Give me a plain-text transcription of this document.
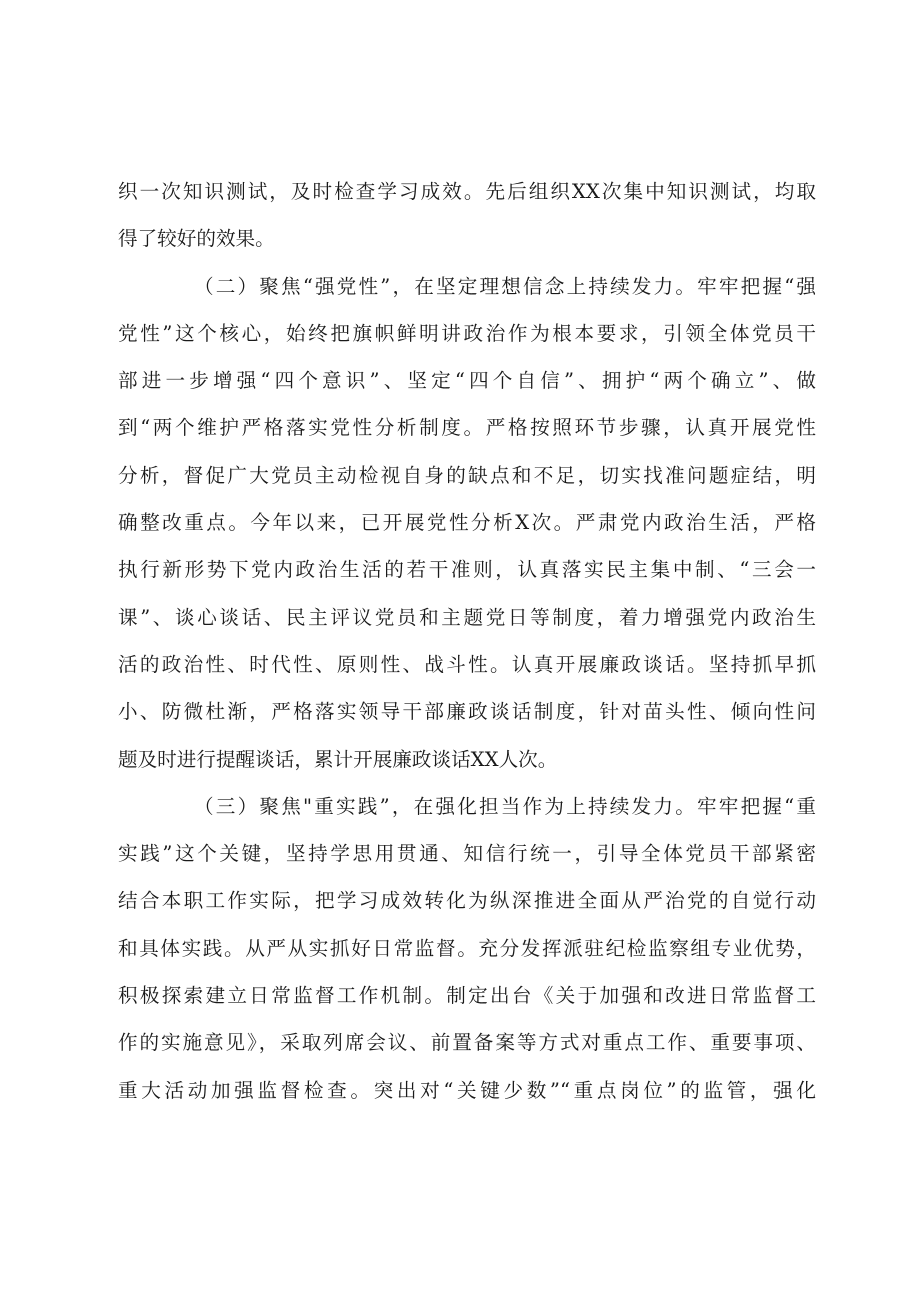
织一次知识测试，及时检查学习成效。先后组织XX次集中知识测试，均取
得了较好的效果。
（二）聚焦“强党性”，在坚定理想信念上持续发力。牢牢把握“强
党性”这个核心，始终把旗帜鲜明讲政治作为根本要求，引领全体党员干
部进一步增强“四个意识”、坚定“四个自信”、拥护“两个确立”、做
到“两个维护严格落实党性分析制度。严格按照环节步骤，认真开展党性
分析，督促广大党员主动检视自身的缺点和不足，切实找准问题症结，明
确整改重点。今年以来，已开展党性分析X次。严肃党内政治生活，严格
执行新形势下党内政治生活的若干准则，认真落实民主集中制、“三会一
课”、谈心谈话、民主评议党员和主题党日等制度，着力增强党内政治生
活的政治性、时代性、原则性、战斗性。认真开展廉政谈话。坚持抓早抓
小、防微杜渐，严格落实领导干部廉政谈话制度，针对苗头性、倾向性问
题及时进行提醒谈话，累计开展廉政谈话XX人次。
（三）聚焦"重实践”，在强化担当作为上持续发力。牢牢把握“重
实践”这个关键，坚持学思用贯通、知信行统一，引导全体党员干部紧密
结合本职工作实际，把学习成效转化为纵深推进全面从严治党的自觉行动
和具体实践。从严从实抓好日常监督。充分发挥派驻纪检监察组专业优势，
积极探索建立日常监督工作机制。制定出台《关于加强和改进日常监督工
作的实施意见》，采取列席会议、前置备案等方式对重点工作、重要事项、
重大活动加强监督检查。突出对“关键少数”“重点岗位”的监管，强化
